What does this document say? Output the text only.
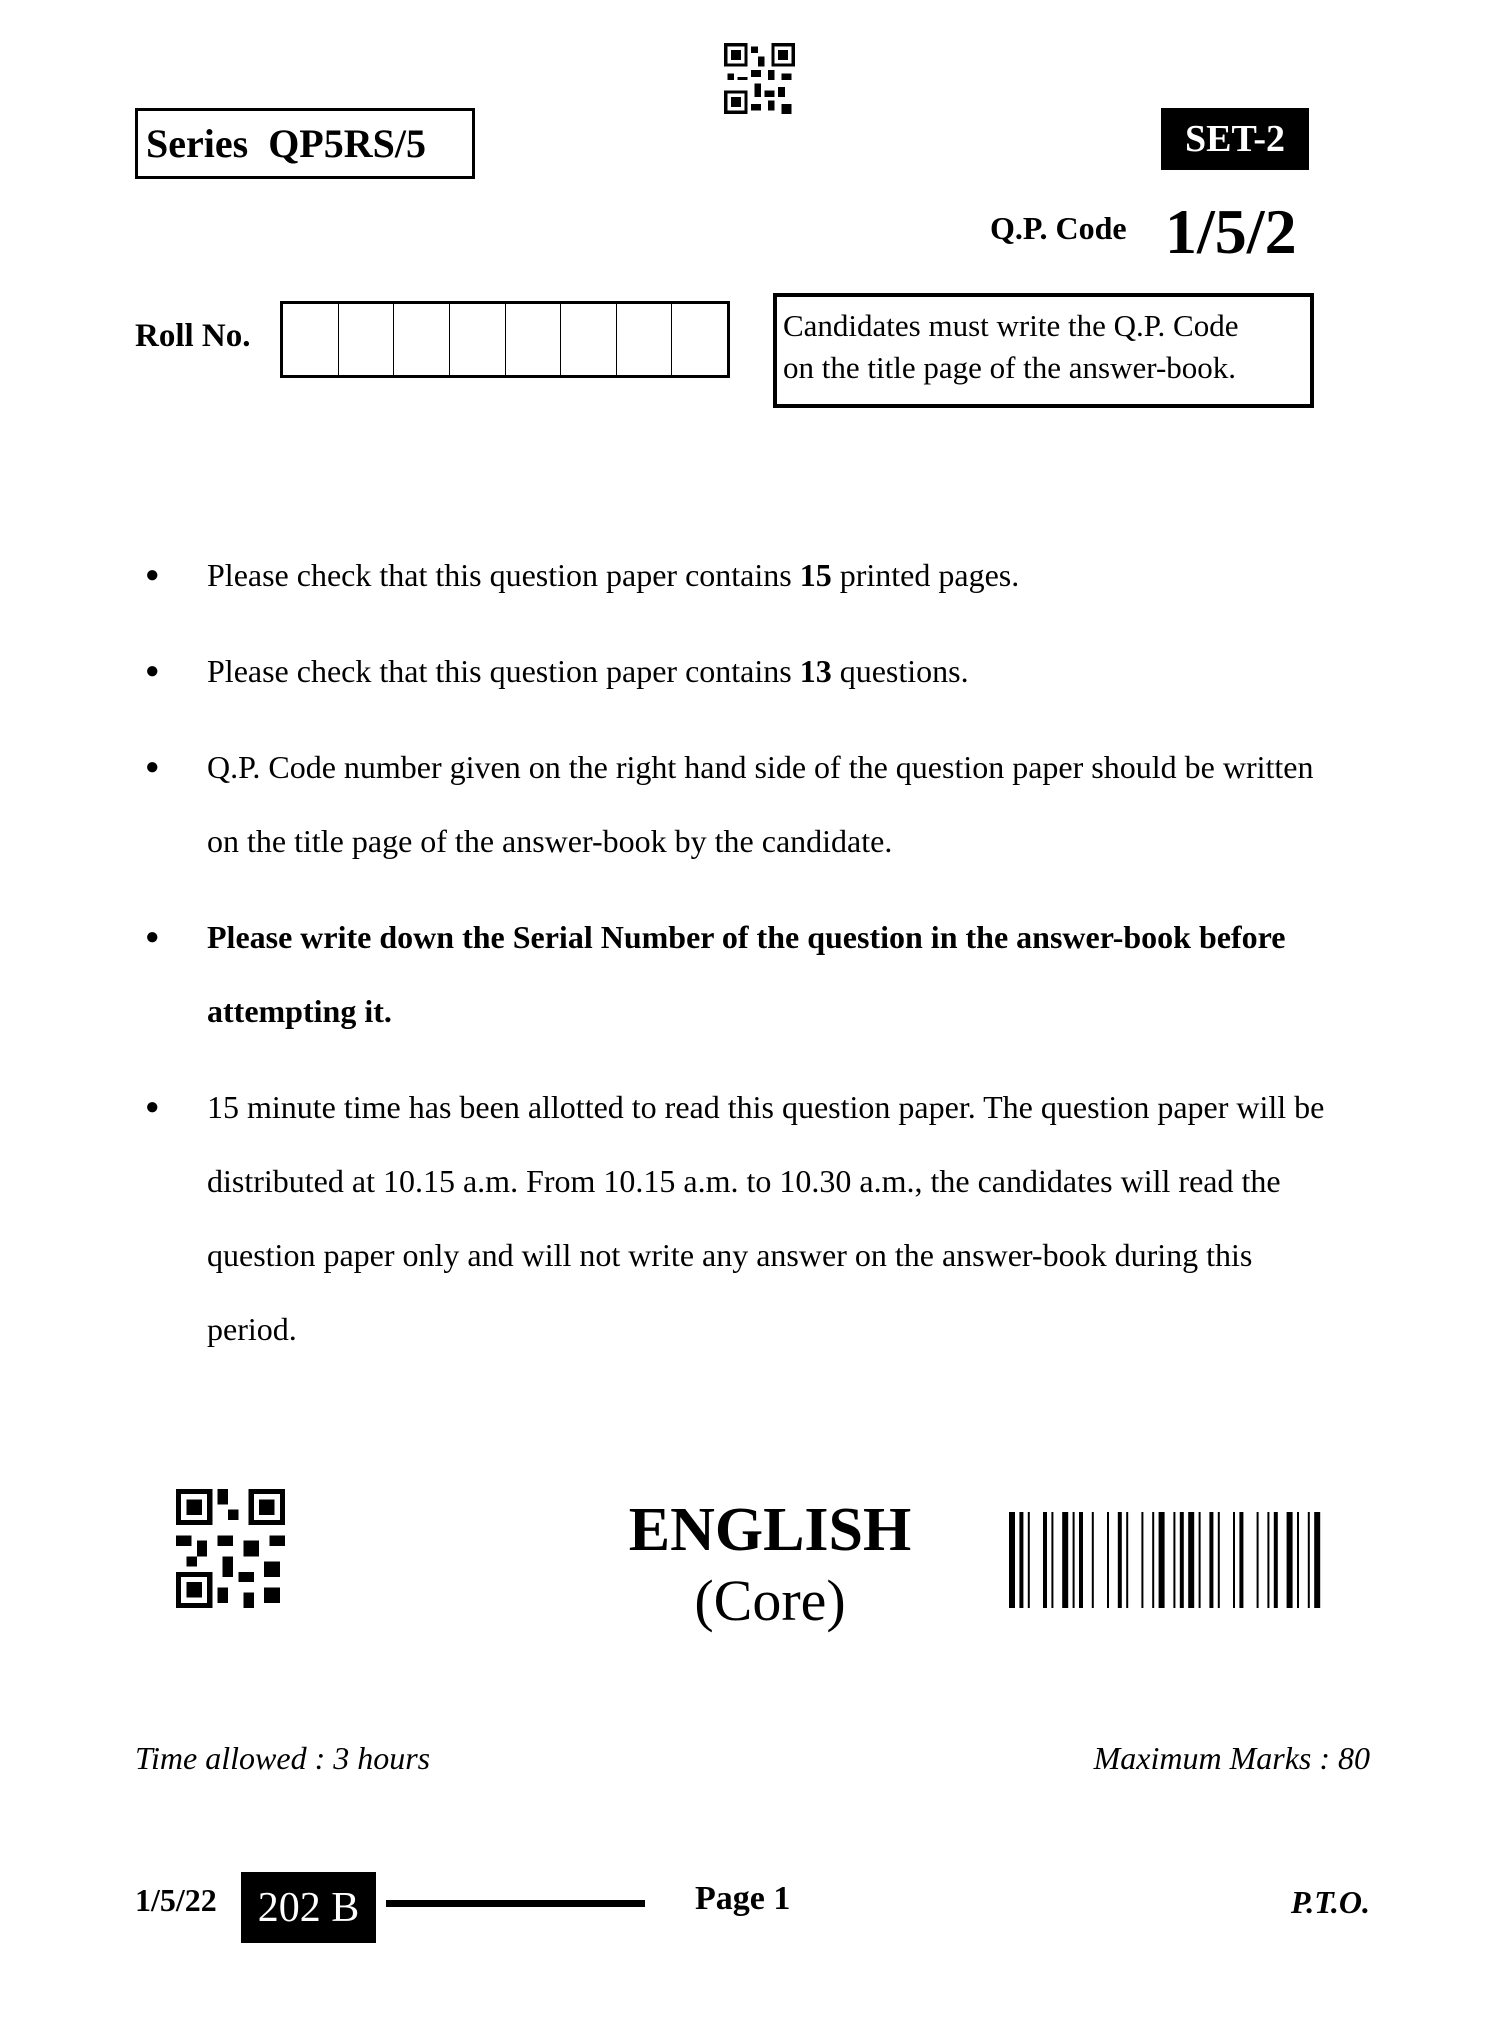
Series  QP5RS/5	SET-2
Q.P. Code 1/5/2
Roll No.	Candidates must write the Q.P. Code
on the title page of the answer-book.
●	Please check that this question paper contains 15 printed pages.
●	Please check that this question paper contains 13 questions.
●	Q.P. Code number given on the right hand side of the question paper should be written on the title page of the answer-book by the candidate.
●	Please write down the Serial Number of the question in the answer-book before attempting it.
●	15 minute time has been allotted to read this question paper. The question paper will be distributed at 10.15 a.m. From 10.15 a.m. to 10.30 a.m., the candidates will read the question paper only and will not write any answer on the answer-book during this period.
ENGLISH
(Core)
Time allowed : 3 hours	Maximum Marks : 80
1/5/22 202 B	Page 1	P.T.O.
